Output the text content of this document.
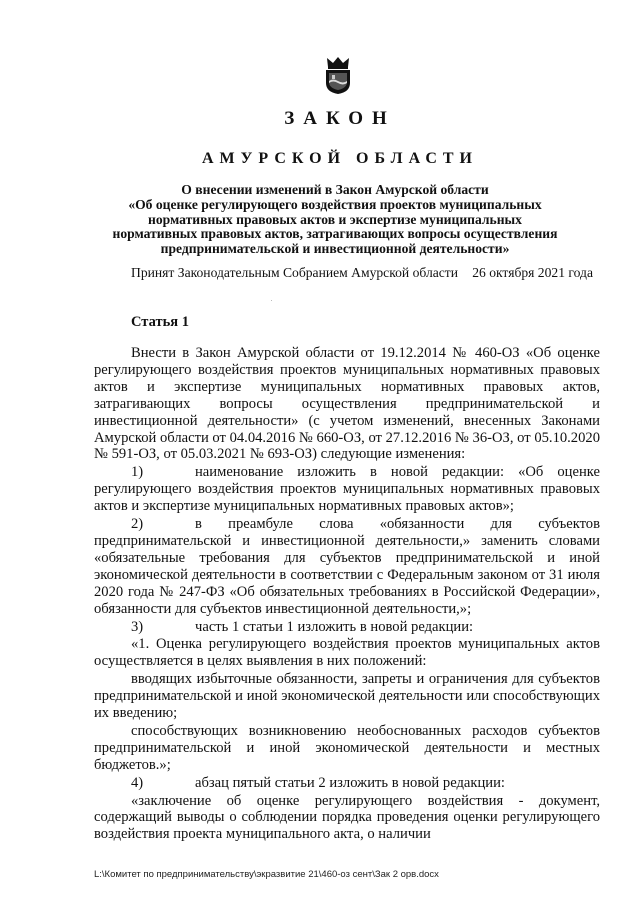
ЗАКОН
АМУРСКОЙ ОБЛАСТИ
О внесении изменений в Закон Амурской области
«Об оценке регулирующего воздействия проектов муниципальных
нормативных правовых актов и экспертизе муниципальных
нормативных правовых актов, затрагивающих вопросы осуществления
предпринимательской и инвестиционной деятельности»
Принят Законодательным Собранием Амурской области 26 октября 2021 года
Статья 1

Внести в Закон Амурской области от 19.12.2014 № 460-ОЗ «Об оценке регулирующего воздействия проектов муниципальных нормативных правовых актов и экспертизе муниципальных нормативных правовых актов, затрагивающих вопросы осуществления предпринимательской и инвестиционной деятельности» (с учетом изменений, внесенных Законами Амурской области от 04.04.2016 № 660-ОЗ, от 27.12.2016 № 36-ОЗ, от 05.10.2020 № 591-ОЗ, от 05.03.2021 № 693-ОЗ) следующие изменения:

1)	наименование изложить в новой редакции: «Об оценке регулирующего воздействия проектов муниципальных нормативных правовых актов и экспертизе муниципальных нормативных правовых актов»;

2)	в преамбуле слова «обязанности для субъектов предпринимательской и инвестиционной деятельности,» заменить словами «обязательные требования для субъектов предпринимательской и иной экономической деятельности в соответствии с Федеральным законом от 31 июля 2020 года № 247-ФЗ «Об обязательных требованиях в Российской Федерации», обязанности для субъектов инвестиционной деятельности,»;

3)	часть 1 статьи 1 изложить в новой редакции:

«1. Оценка регулирующего воздействия проектов муниципальных актов осуществляется в целях выявления в них положений:

вводящих избыточные обязанности, запреты и ограничения для субъектов предпринимательской и иной экономической деятельности или способствующих их введению;

способствующих возникновению необоснованных расходов субъектов предпринимательской и иной экономической деятельности и местных бюджетов.»;

4)	абзац пятый статьи 2 изложить в новой редакции:

«заключение об оценке регулирующего воздействия - документ, содержащий выводы о соблюдении порядка проведения оценки регулирующего воздействия проекта муниципального акта, о наличии

L:\Комитет по предпринимательству\экразвитие 21\460-оз сент\Зак 2 орв.docx
